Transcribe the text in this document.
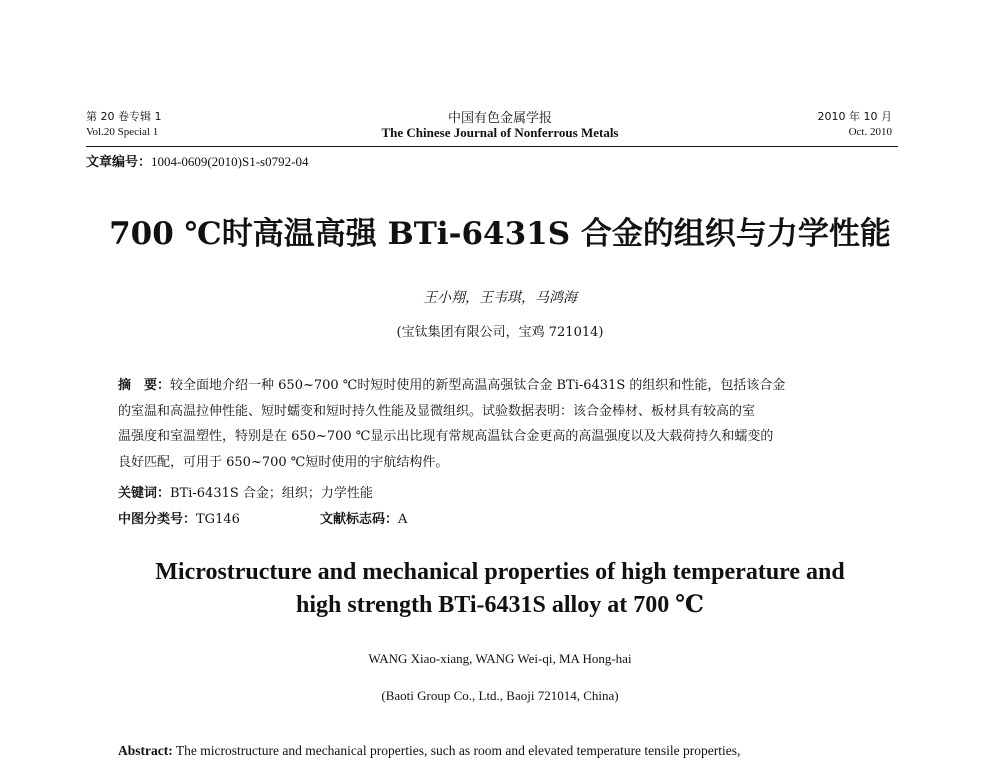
第 20 卷专辑 1
Vol.20 Special 1
中国有色金属学报
The Chinese Journal of Nonferrous Metals
2010 年 10 月
Oct. 2010
文章编号：1004-0609(2010)S1-s0792-04
700 ℃时高温高强 BTi-6431S 合金的组织与力学性能
王小翔，王韦琪，马鸿海
(宝钛集团有限公司，宝鸡 721014)
摘　要：较全面地介绍一种 650~700 ℃时短时使用的新型高温高强钛合金 BTi-6431S 的组织和性能，包括该合金
的室温和高温拉伸性能、短时蠕变和短时持久性能及显微组织。试验数据表明：该合金棒材、板材具有较高的室
温强度和室温塑性，特别是在 650~700 ℃显示出比现有常规高温钛合金更高的高温强度以及大载荷持久和蠕变的
良好匹配，可用于 650~700 ℃短时使用的宇航结构件。
关键词：BTi-6431S 合金；组织；力学性能
中图分类号：TG146	文献标志码：A
Microstructure and mechanical properties of high temperature and
high strength BTi-6431S alloy at 700 ℃
WANG Xiao-xiang, WANG Wei-qi, MA Hong-hai
(Baoti Group Co., Ltd., Baoji 721014, China)
Abstract: The microstructure and mechanical properties, such as room and elevated temperature tensile properties,
